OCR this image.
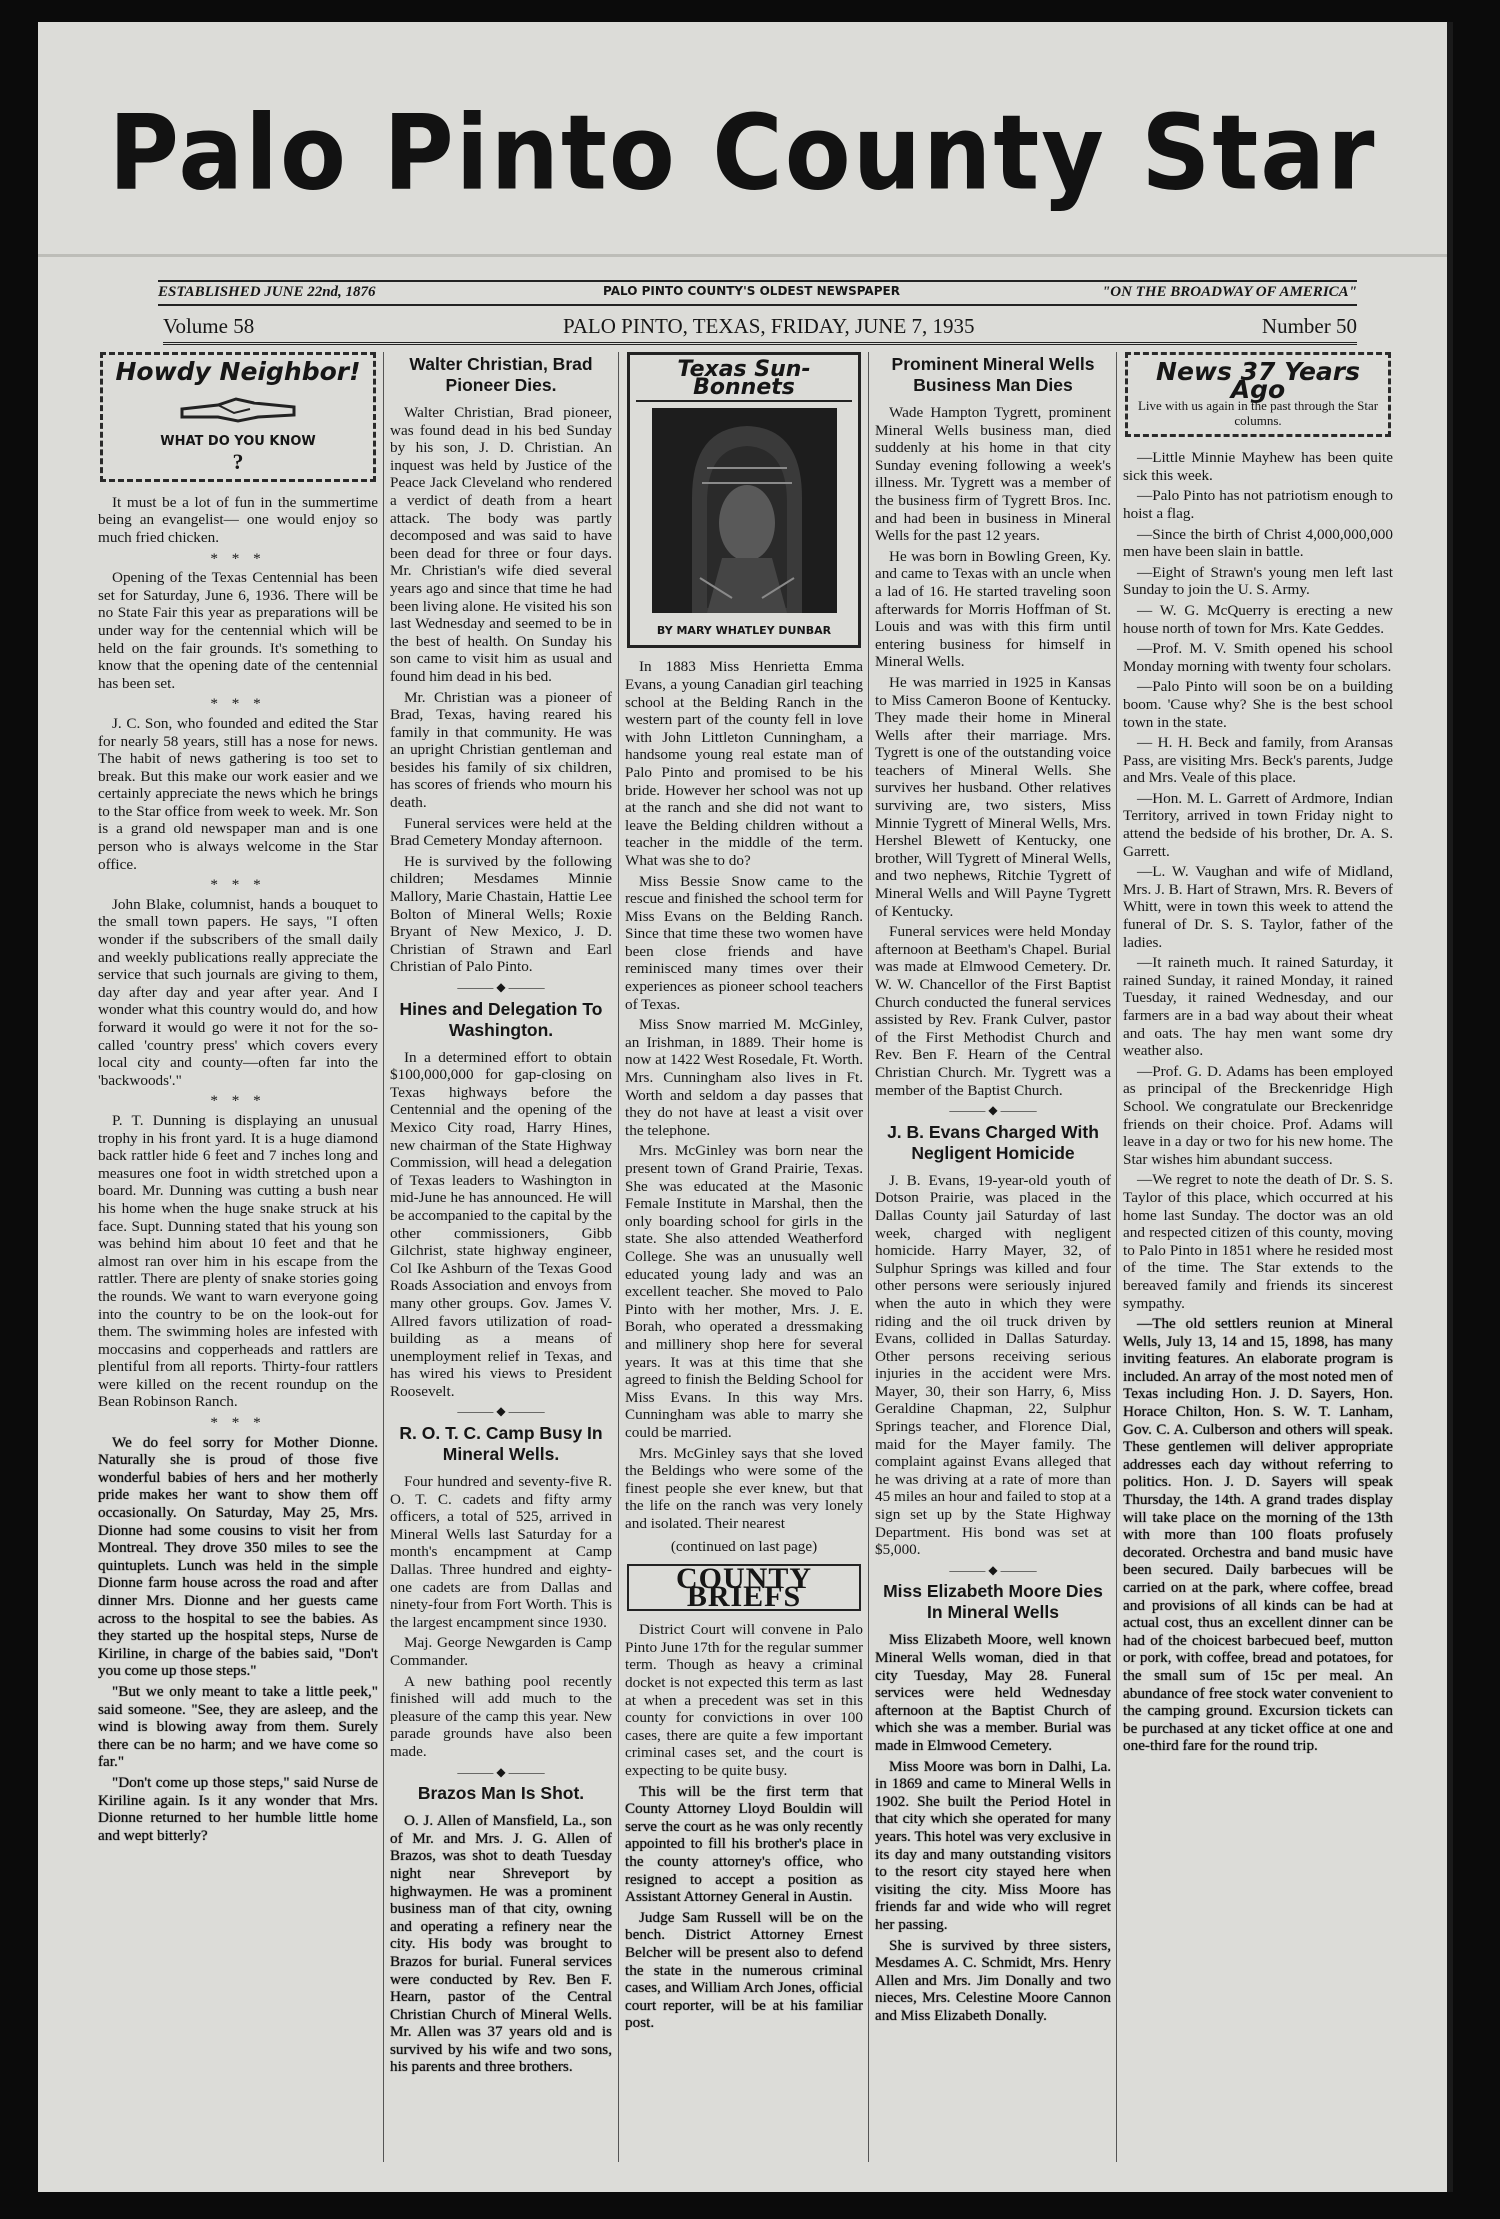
Palo Pinto County Star
ESTABLISHED JUNE 22nd, 1876	PALO PINTO COUNTY'S OLDEST NEWSPAPER	"ON THE BROADWAY OF AMERICA"
Volume 58	PALO PINTO, TEXAS, FRIDAY, JUNE 7, 1935	Number 50
Howdy Neighbor!
WHAT DO YOU KNOW
?

It must be a lot of fun in the summertime being an evangelist— one would enjoy so much fried chicken.

* * *

Opening of the Texas Centennial has been set for Saturday, June 6, 1936. There will be no State Fair this year as preparations will be under way for the centennial which will be held on the fair grounds. It's something to know that the opening date of the centennial has been set.

* * *

J. C. Son, who founded and edited the Star for nearly 58 years, still has a nose for news. The habit of news gathering is too set to break. But this make our work easier and we certainly appreciate the news which he brings to the Star office from week to week. Mr. Son is a grand old newspaper man and is one person who is always welcome in the Star office.

* * *

John Blake, columnist, hands a bouquet to the small town papers. He says, "I often wonder if the subscribers of the small daily and weekly publications really appreciate the service that such journals are giving to them, day after day and year after year. And I wonder what this country would do, and how forward it would go were it not for the so-called 'country press' which covers every local city and county—often far into the 'backwoods'."

* * *

P. T. Dunning is displaying an unusual trophy in his front yard. It is a huge diamond back rattler hide 6 feet and 7 inches long and measures one foot in width stretched upon a board. Mr. Dunning was cutting a bush near his home when the huge snake struck at his face. Supt. Dunning stated that his young son was behind him about 10 feet and that he almost ran over him in his escape from the rattler. There are plenty of snake stories going the rounds. We want to warn everyone going into the country to be on the look-out for them. The swimming holes are infested with moccasins and copperheads and rattlers are plentiful from all reports. Thirty-four rattlers were killed on the recent roundup on the Bean Robinson Ranch.

* * *

We do feel sorry for Mother Dionne. Naturally she is proud of those five wonderful babies of hers and her motherly pride makes her want to show them off occasionally. On Saturday, May 25, Mrs. Dionne had some cousins to visit her from Montreal. They drove 350 miles to see the quintuplets. Lunch was held in the simple Dionne farm house across the road and after dinner Mrs. Dionne and her guests came across to the hospital to see the babies. As they started up the hospital steps, Nurse de Kiriline, in charge of the babies said, "Don't you come up those steps."

"But we only meant to take a little peek," said someone. "See, they are asleep, and the wind is blowing away from them. Surely there can be no harm; and we have come so far."

"Don't come up those steps," said Nurse de Kiriline again. Is it any wonder that Mrs. Dionne returned to her humble little home and wept bitterly?

Walter Christian, Brad Pioneer Dies.

Walter Christian, Brad pioneer, was found dead in his bed Sunday by his son, J. D. Christian. An inquest was held by Justice of the Peace Jack Cleveland who rendered a verdict of death from a heart attack. The body was partly decomposed and was said to have been dead for three or four days. Mr. Christian's wife died several years ago and since that time he had been living alone. He visited his son last Wednesday and seemed to be in the best of health. On Sunday his son came to visit him as usual and found him dead in his bed.

Mr. Christian was a pioneer of Brad, Texas, having reared his family in that community. He was an upright Christian gentleman and besides his family of six children, has scores of friends who mourn his death.

Funeral services were held at the Brad Cemetery Monday afternoon.

He is survived by the following children; Mesdames Minnie Mallory, Marie Chastain, Hattie Lee Bolton of Mineral Wells; Roxie Bryant of New Mexico, J. D. Christian of Strawn and Earl Christian of Palo Pinto.

——— ◆ ———
Hines and Delegation To Washington.

In a determined effort to obtain $100,000,000 for gap-closing on Texas highways before the Centennial and the opening of the Mexico City road, Harry Hines, new chairman of the State Highway Commission, will head a delegation of Texas leaders to Washington in mid-June he has announced. He will be accompanied to the capital by the other commissioners, Gibb Gilchrist, state highway engineer, Col Ike Ashburn of the Texas Good Roads Association and envoys from many other groups. Gov. James V. Allred favors utilization of road-building as a means of unemployment relief in Texas, and has wired his views to President Roosevelt.

——— ◆ ———
R. O. T. C. Camp Busy In Mineral Wells.

Four hundred and seventy-five R. O. T. C. cadets and fifty army officers, a total of 525, arrived in Mineral Wells last Saturday for a month's encampment at Camp Dallas. Three hundred and eighty-one cadets are from Dallas and ninety-four from Fort Worth. This is the largest encampment since 1930.

Maj. George Newgarden is Camp Commander.

A new bathing pool recently finished will add much to the pleasure of the camp this year. New parade grounds have also been made.

——— ◆ ———
Brazos Man Is Shot.

O. J. Allen of Mansfield, La., son of Mr. and Mrs. J. G. Allen of Brazos, was shot to death Tuesday night near Shreveport by highwaymen. He was a prominent business man of that city, owning and operating a refinery near the city. His body was brought to Brazos for burial. Funeral services were conducted by Rev. Ben F. Hearn, pastor of the Central Christian Church of Mineral Wells. Mr. Allen was 37 years old and is survived by his wife and two sons, his parents and three brothers.

Texas Sun-Bonnets
BY MARY WHATLEY DUNBAR

In 1883 Miss Henrietta Emma Evans, a young Canadian girl teaching school at the Belding Ranch in the western part of the county fell in love with John Littleton Cunningham, a handsome young real estate man of Palo Pinto and promised to be his bride. However her school was not up at the ranch and she did not want to leave the Belding children without a teacher in the middle of the term. What was she to do?

Miss Bessie Snow came to the rescue and finished the school term for Miss Evans on the Belding Ranch. Since that time these two women have been close friends and have reminisced many times over their experiences as pioneer school teachers of Texas.

Miss Snow married M. McGinley, an Irishman, in 1889. Their home is now at 1422 West Rosedale, Ft. Worth. Mrs. Cunningham also lives in Ft. Worth and seldom a day passes that they do not have at least a visit over the telephone.

Mrs. McGinley was born near the present town of Grand Prairie, Texas. She was educated at the Masonic Female Institute in Marshal, then the only boarding school for girls in the state. She also attended Weatherford College. She was an unusually well educated young lady and was an excellent teacher. She moved to Palo Pinto with her mother, Mrs. J. E. Borah, who operated a dressmaking and millinery shop here for several years. It was at this time that she agreed to finish the Belding School for Miss Evans. In this way Mrs. Cunningham was able to marry she could be married.

Mrs. McGinley says that she loved the Beldings who were some of the finest people she ever knew, but that the life on the ranch was very lonely and isolated. Their nearest

(continued on last page)
COUNTY BRIEFS

District Court will convene in Palo Pinto June 17th for the regular summer term. Though as heavy a criminal docket is not expected this term as last at when a precedent was set in this county for convictions in over 100 cases, there are quite a few important criminal cases set, and the court is expecting to be quite busy.

This will be the first term that County Attorney Lloyd Bouldin will serve the court as he was only recently appointed to fill his brother's place in the county attorney's office, who resigned to accept a position as Assistant Attorney General in Austin.

Judge Sam Russell will be on the bench. District Attorney Ernest Belcher will be present also to defend the state in the numerous criminal cases, and William Arch Jones, official court reporter, will be at his familiar post.

Prominent Mineral Wells Business Man Dies

Wade Hampton Tygrett, prominent Mineral Wells business man, died suddenly at his home in that city Sunday evening following a week's illness. Mr. Tygrett was a member of the business firm of Tygrett Bros. Inc. and had been in business in Mineral Wells for the past 12 years.

He was born in Bowling Green, Ky. and came to Texas with an uncle when a lad of 16. He started traveling soon afterwards for Morris Hoffman of St. Louis and was with this firm until entering business for himself in Mineral Wells.

He was married in 1925 in Kansas to Miss Cameron Boone of Kentucky. They made their home in Mineral Wells after their marriage. Mrs. Tygrett is one of the outstanding voice teachers of Mineral Wells. She survives her husband. Other relatives surviving are, two sisters, Miss Minnie Tygrett of Mineral Wells, Mrs. Hershel Blewett of Kentucky, one brother, Will Tygrett of Mineral Wells, and two nephews, Ritchie Tygrett of Mineral Wells and Will Payne Tygrett of Kentucky.

Funeral services were held Monday afternoon at Beetham's Chapel. Burial was made at Elmwood Cemetery. Dr. W. W. Chancellor of the First Baptist Church conducted the funeral services assisted by Rev. Frank Culver, pastor of the First Methodist Church and Rev. Ben F. Hearn of the Central Christian Church. Mr. Tygrett was a member of the Baptist Church.

——— ◆ ———
J. B. Evans Charged With Negligent Homicide

J. B. Evans, 19-year-old youth of Dotson Prairie, was placed in the Dallas County jail Saturday of last week, charged with negligent homicide. Harry Mayer, 32, of Sulphur Springs was killed and four other persons were seriously injured when the auto in which they were riding and the oil truck driven by Evans, collided in Dallas Saturday. Other persons receiving serious injuries in the accident were Mrs. Mayer, 30, their son Harry, 6, Miss Geraldine Chapman, 22, Sulphur Springs teacher, and Florence Dial, maid for the Mayer family. The complaint against Evans alleged that he was driving at a rate of more than 45 miles an hour and failed to stop at a sign set up by the State Highway Department. His bond was set at $5,000.

——— ◆ ———
Miss Elizabeth Moore Dies In Mineral Wells

Miss Elizabeth Moore, well known Mineral Wells woman, died in that city Tuesday, May 28. Funeral services were held Wednesday afternoon at the Baptist Church of which she was a member. Burial was made in Elmwood Cemetery.

Miss Moore was born in Dalhi, La. in 1869 and came to Mineral Wells in 1902. She built the Period Hotel in that city which she operated for many years. This hotel was very exclusive in its day and many outstanding visitors to the resort city stayed here when visiting the city. Miss Moore has friends far and wide who will regret her passing.

She is survived by three sisters, Mesdames A. C. Schmidt, Mrs. Henry Allen and Mrs. Jim Donally and two nieces, Mrs. Celestine Moore Cannon and Miss Elizabeth Donally.

News 37 Years Ago
Live with us again in the past through the Star columns.

—Little Minnie Mayhew has been quite sick this week.

—Palo Pinto has not patriotism enough to hoist a flag.

—Since the birth of Christ 4,000,000,000 men have been slain in battle.

—Eight of Strawn's young men left last Sunday to join the U. S. Army.

— W. G. McQuerry is erecting a new house north of town for Mrs. Kate Geddes.

—Prof. M. V. Smith opened his school Monday morning with twenty four scholars.

—Palo Pinto will soon be on a building boom. 'Cause why? She is the best school town in the state.

— H. H. Beck and family, from Aransas Pass, are visiting Mrs. Beck's parents, Judge and Mrs. Veale of this place.

—Hon. M. L. Garrett of Ardmore, Indian Territory, arrived in town Friday night to attend the bedside of his brother, Dr. A. S. Garrett.

—L. W. Vaughan and wife of Midland, Mrs. J. B. Hart of Strawn, Mrs. R. Bevers of Whitt, were in town this week to attend the funeral of Dr. S. S. Taylor, father of the ladies.

—It raineth much. It rained Saturday, it rained Sunday, it rained Monday, it rained Tuesday, it rained Wednesday, and our farmers are in a bad way about their wheat and oats. The hay men want some dry weather also.

—Prof. G. D. Adams has been employed as principal of the Breckenridge High School. We congratulate our Breckenridge friends on their choice. Prof. Adams will leave in a day or two for his new home. The Star wishes him abundant success.

—We regret to note the death of Dr. S. S. Taylor of this place, which occurred at his home last Sunday. The doctor was an old and respected citizen of this county, moving to Palo Pinto in 1851 where he resided most of the time. The Star extends to the bereaved family and friends its sincerest sympathy.

—The old settlers reunion at Mineral Wells, July 13, 14 and 15, 1898, has many inviting features. An elaborate program is included. An array of the most noted men of Texas including Hon. J. D. Sayers, Hon. Horace Chilton, Hon. S. W. T. Lanham, Gov. C. A. Culberson and others will speak. These gentlemen will deliver appropriate addresses each day without referring to politics. Hon. J. D. Sayers will speak Thursday, the 14th. A grand trades display will take place on the morning of the 13th with more than 100 floats profusely decorated. Orchestra and band music have been secured. Daily barbecues will be carried on at the park, where coffee, bread and provisions of all kinds can be had at actual cost, thus an excellent dinner can be had of the choicest barbecued beef, mutton or pork, with coffee, bread and potatoes, for the small sum of 15c per meal. An abundance of free stock water convenient to the camping ground. Excursion tickets can be purchased at any ticket office at one and one-third fare for the round trip.
